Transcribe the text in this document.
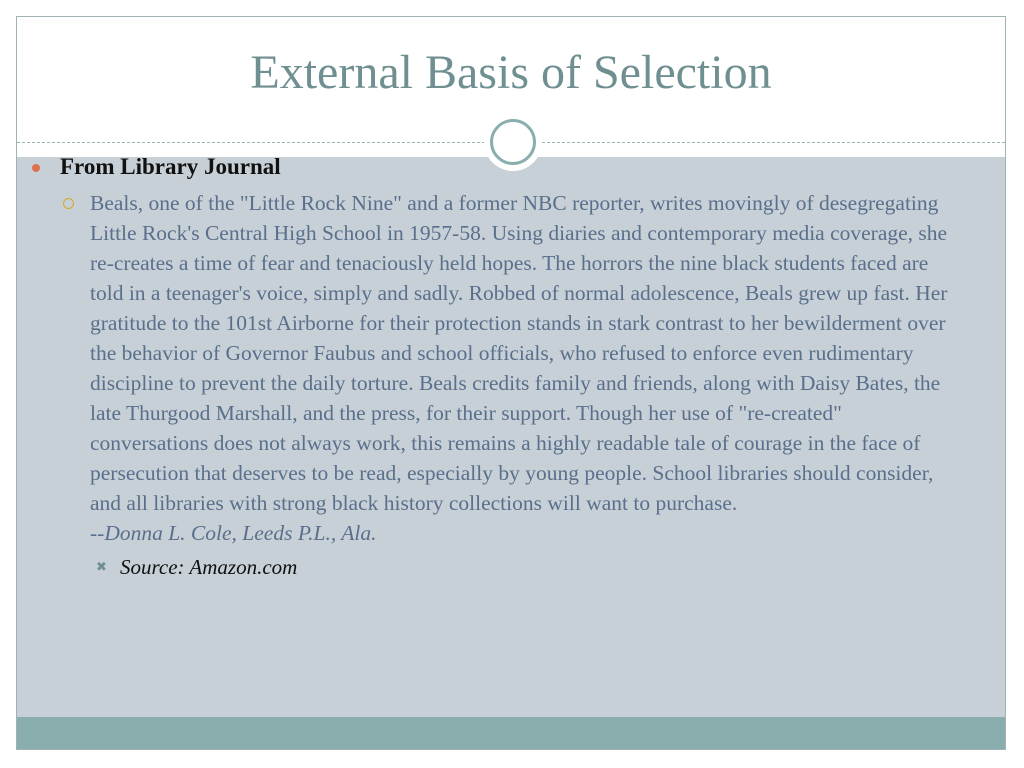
External Basis of Selection
From Library Journal
Beals, one of the "Little Rock Nine" and a former NBC reporter, writes movingly of desegregating Little Rock's Central High School in 1957-58. Using diaries and contemporary media coverage, she re-creates a time of fear and tenaciously held hopes. The horrors the nine black students faced are told in a teenager's voice, simply and sadly. Robbed of normal adolescence, Beals grew up fast. Her gratitude to the 101st Airborne for their protection stands in stark contrast to her bewilderment over the behavior of Governor Faubus and school officials, who refused to enforce even rudimentary discipline to prevent the daily torture. Beals credits family and friends, along with Daisy Bates, the late Thurgood Marshall, and the press, for their support. Though her use of "re-created" conversations does not always work, this remains a highly readable tale of courage in the face of persecution that deserves to be read, especially by young people. School libraries should consider, and all libraries with strong black history collections will want to purchase.
--Donna L. Cole, Leeds P.L., Ala.
✖ Source: Amazon.com
